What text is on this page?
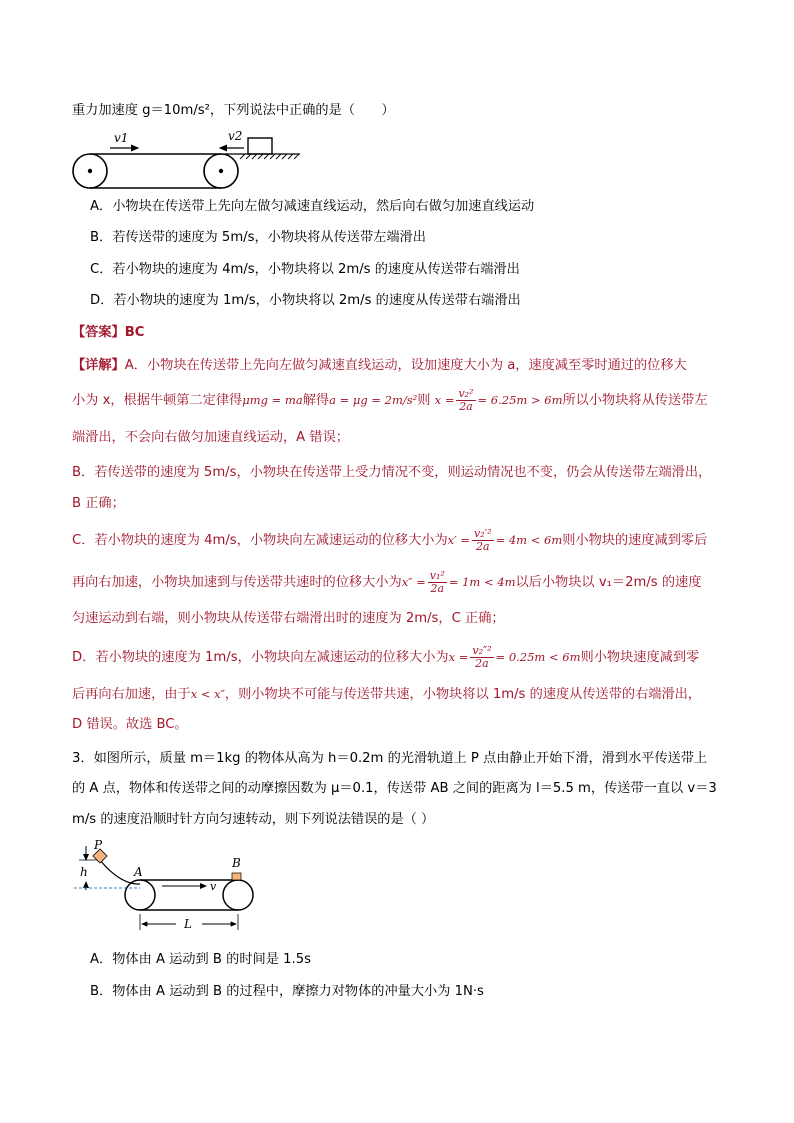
重力加速度 g＝10m/s²，下列说法中正确的是（　　）
v1	v2
A．小物块在传送带上先向左做匀减速直线运动，然后向右做匀加速直线运动
B．若传送带的速度为 5m/s，小物块将从传送带左端滑出
C．若小物块的速度为 4m/s，小物块将以 2m/s 的速度从传送带右端滑出
D．若小物块的速度为 1m/s，小物块将以 2m/s 的速度从传送带右端滑出
【答案】BC
【详解】A．小物块在传送带上先向左做匀减速直线运动，设加速度大小为 a，速度减至零时通过的位移大
小为 x，根据牛顿第二定律得μmg = ma解得a = μg = 2m/s²则 $x = \frac{\text{v₂²}}{2a} = 6.25m > 6m$所以小物块将从传送带左
端滑出，不会向右做匀加速直线运动，A 错误；
B．若传送带的速度为 5m/s，小物块在传送带上受力情况不变，则运动情况也不变，仍会从传送带左端滑出，
B 正确；
C．若小物块的速度为 4m/s，小物块向左减速运动的位移大小为$x' = \frac{\text{v₂′²}}{2a} = 4m < 6m$则小物块的速度减到零后
再向右加速，小物块加速到与传送带共速时的位移大小为$x'' = \frac{\text{v₁²}}{2a} = 1m < 4m$以后小物块以 v₁＝2m/s 的速度
匀速运动到右端，则小物块从传送带右端滑出时的速度为 2m/s，C 正确；
D．若小物块的速度为 1m/s，小物块向左减速运动的位移大小为$x = \frac{\text{v₂″²}}{2a} = 0.25m < 6m$则小物块速度减到零
后再向右加速，由于x < x″，则小物块不可能与传送带共速，小物块将以 1m/s 的速度从传送带的右端滑出，
D 错误。故选 BC。
3．如图所示，质量 m＝1kg 的物体从高为 h＝0.2m 的光滑轨道上 P 点由静止开始下滑，滑到水平传送带上
的 A 点，物体和传送带之间的动摩擦因数为 μ＝0.1，传送带 AB 之间的距离为 l＝5.5 m，传送带一直以 v＝3
m/s 的速度沿顺时针方向匀速转动，则下列说法错误的是（ ）
h
P
A
B
v
L
A．物体由 A 运动到 B 的时间是 1.5s
B．物体由 A 运动到 B 的过程中，摩擦力对物体的冲量大小为 1N·s
